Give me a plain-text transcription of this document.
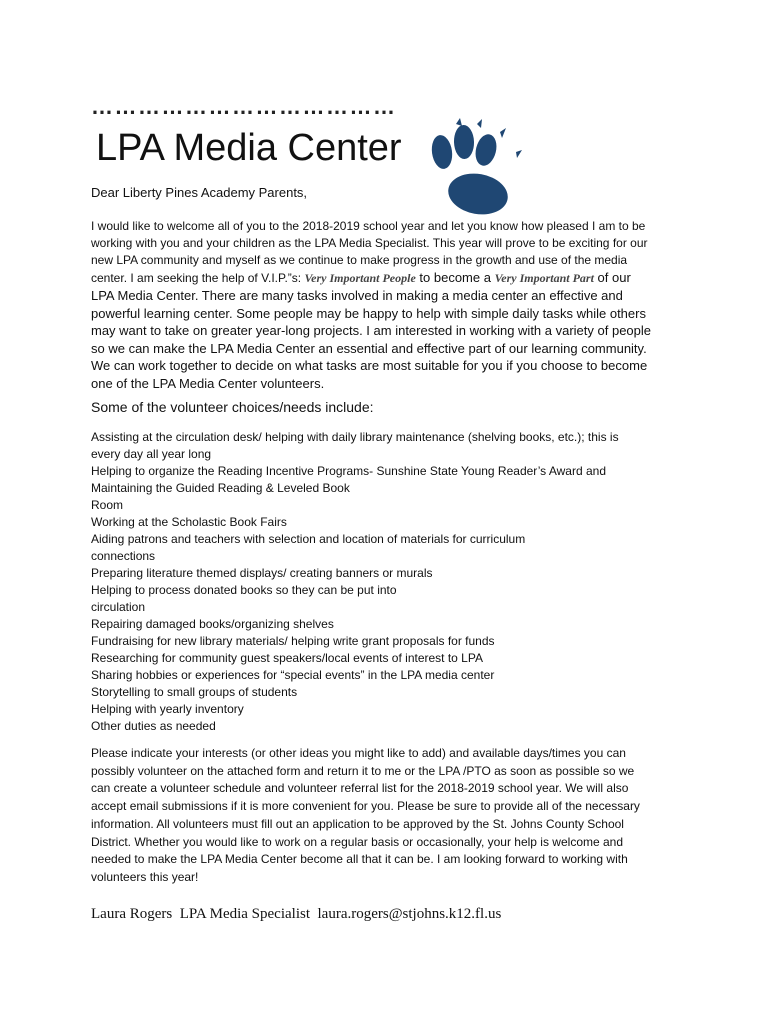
…………………………………
LPA Media Center
Dear Liberty Pines Academy Parents,
I would like to welcome all of you to the 2018-2019 school year and let you know how pleased I am to be
working with you and your children as the LPA Media Specialist. This year will prove to be exciting for our
new LPA community and myself as we continue to make progress in the growth and use of the media
center. I am seeking the help of V.I.P.”s: Very Important People to become a Very Important Part of our
LPA Media Center. There are many tasks involved in making a media center an effective and
powerful learning center. Some people may be happy to help with simple daily tasks while others
may want to take on greater year-long projects. I am interested in working with a variety of people
so we can make the LPA Media Center an essential and effective part of our learning community.
We can work together to decide on what tasks are most suitable for you if you choose to become
one of the LPA Media Center volunteers.
Some of the volunteer choices/needs include:
Assisting at the circulation desk/ helping with daily library maintenance (shelving books, etc.); this is
every day all year long
Helping to organize the Reading Incentive Programs- Sunshine State Young Reader’s Award and
Maintaining the Guided Reading & Leveled Book
Room
Working at the Scholastic Book Fairs
Aiding patrons and teachers with selection and location of materials for curriculum
connections
Preparing literature themed displays/ creating banners or murals
Helping to process donated books so they can be put into
circulation
Repairing damaged books/organizing shelves
Fundraising for new library materials/ helping write grant proposals for funds
Researching for community guest speakers/local events of interest to LPA
Sharing hobbies or experiences for “special events” in the LPA media center
Storytelling to small groups of students
Helping with yearly inventory
Other duties as needed
Please indicate your interests (or other ideas you might like to add) and available days/times you can
possibly volunteer on the attached form and return it to me or the LPA /PTO as soon as possible so we
can create a volunteer schedule and volunteer referral list for the 2018-2019 school year. We will also
accept email submissions if it is more convenient for you. Please be sure to provide all of the necessary
information. All volunteers must fill out an application to be approved by the St. Johns County School
District. Whether you would like to work on a regular basis or occasionally, your help is welcome and
needed to make the LPA Media Center become all that it can be. I am looking forward to working with
volunteers this year!
Laura Rogers LPA Media Specialist laura.rogers@stjohns.k12.fl.us
